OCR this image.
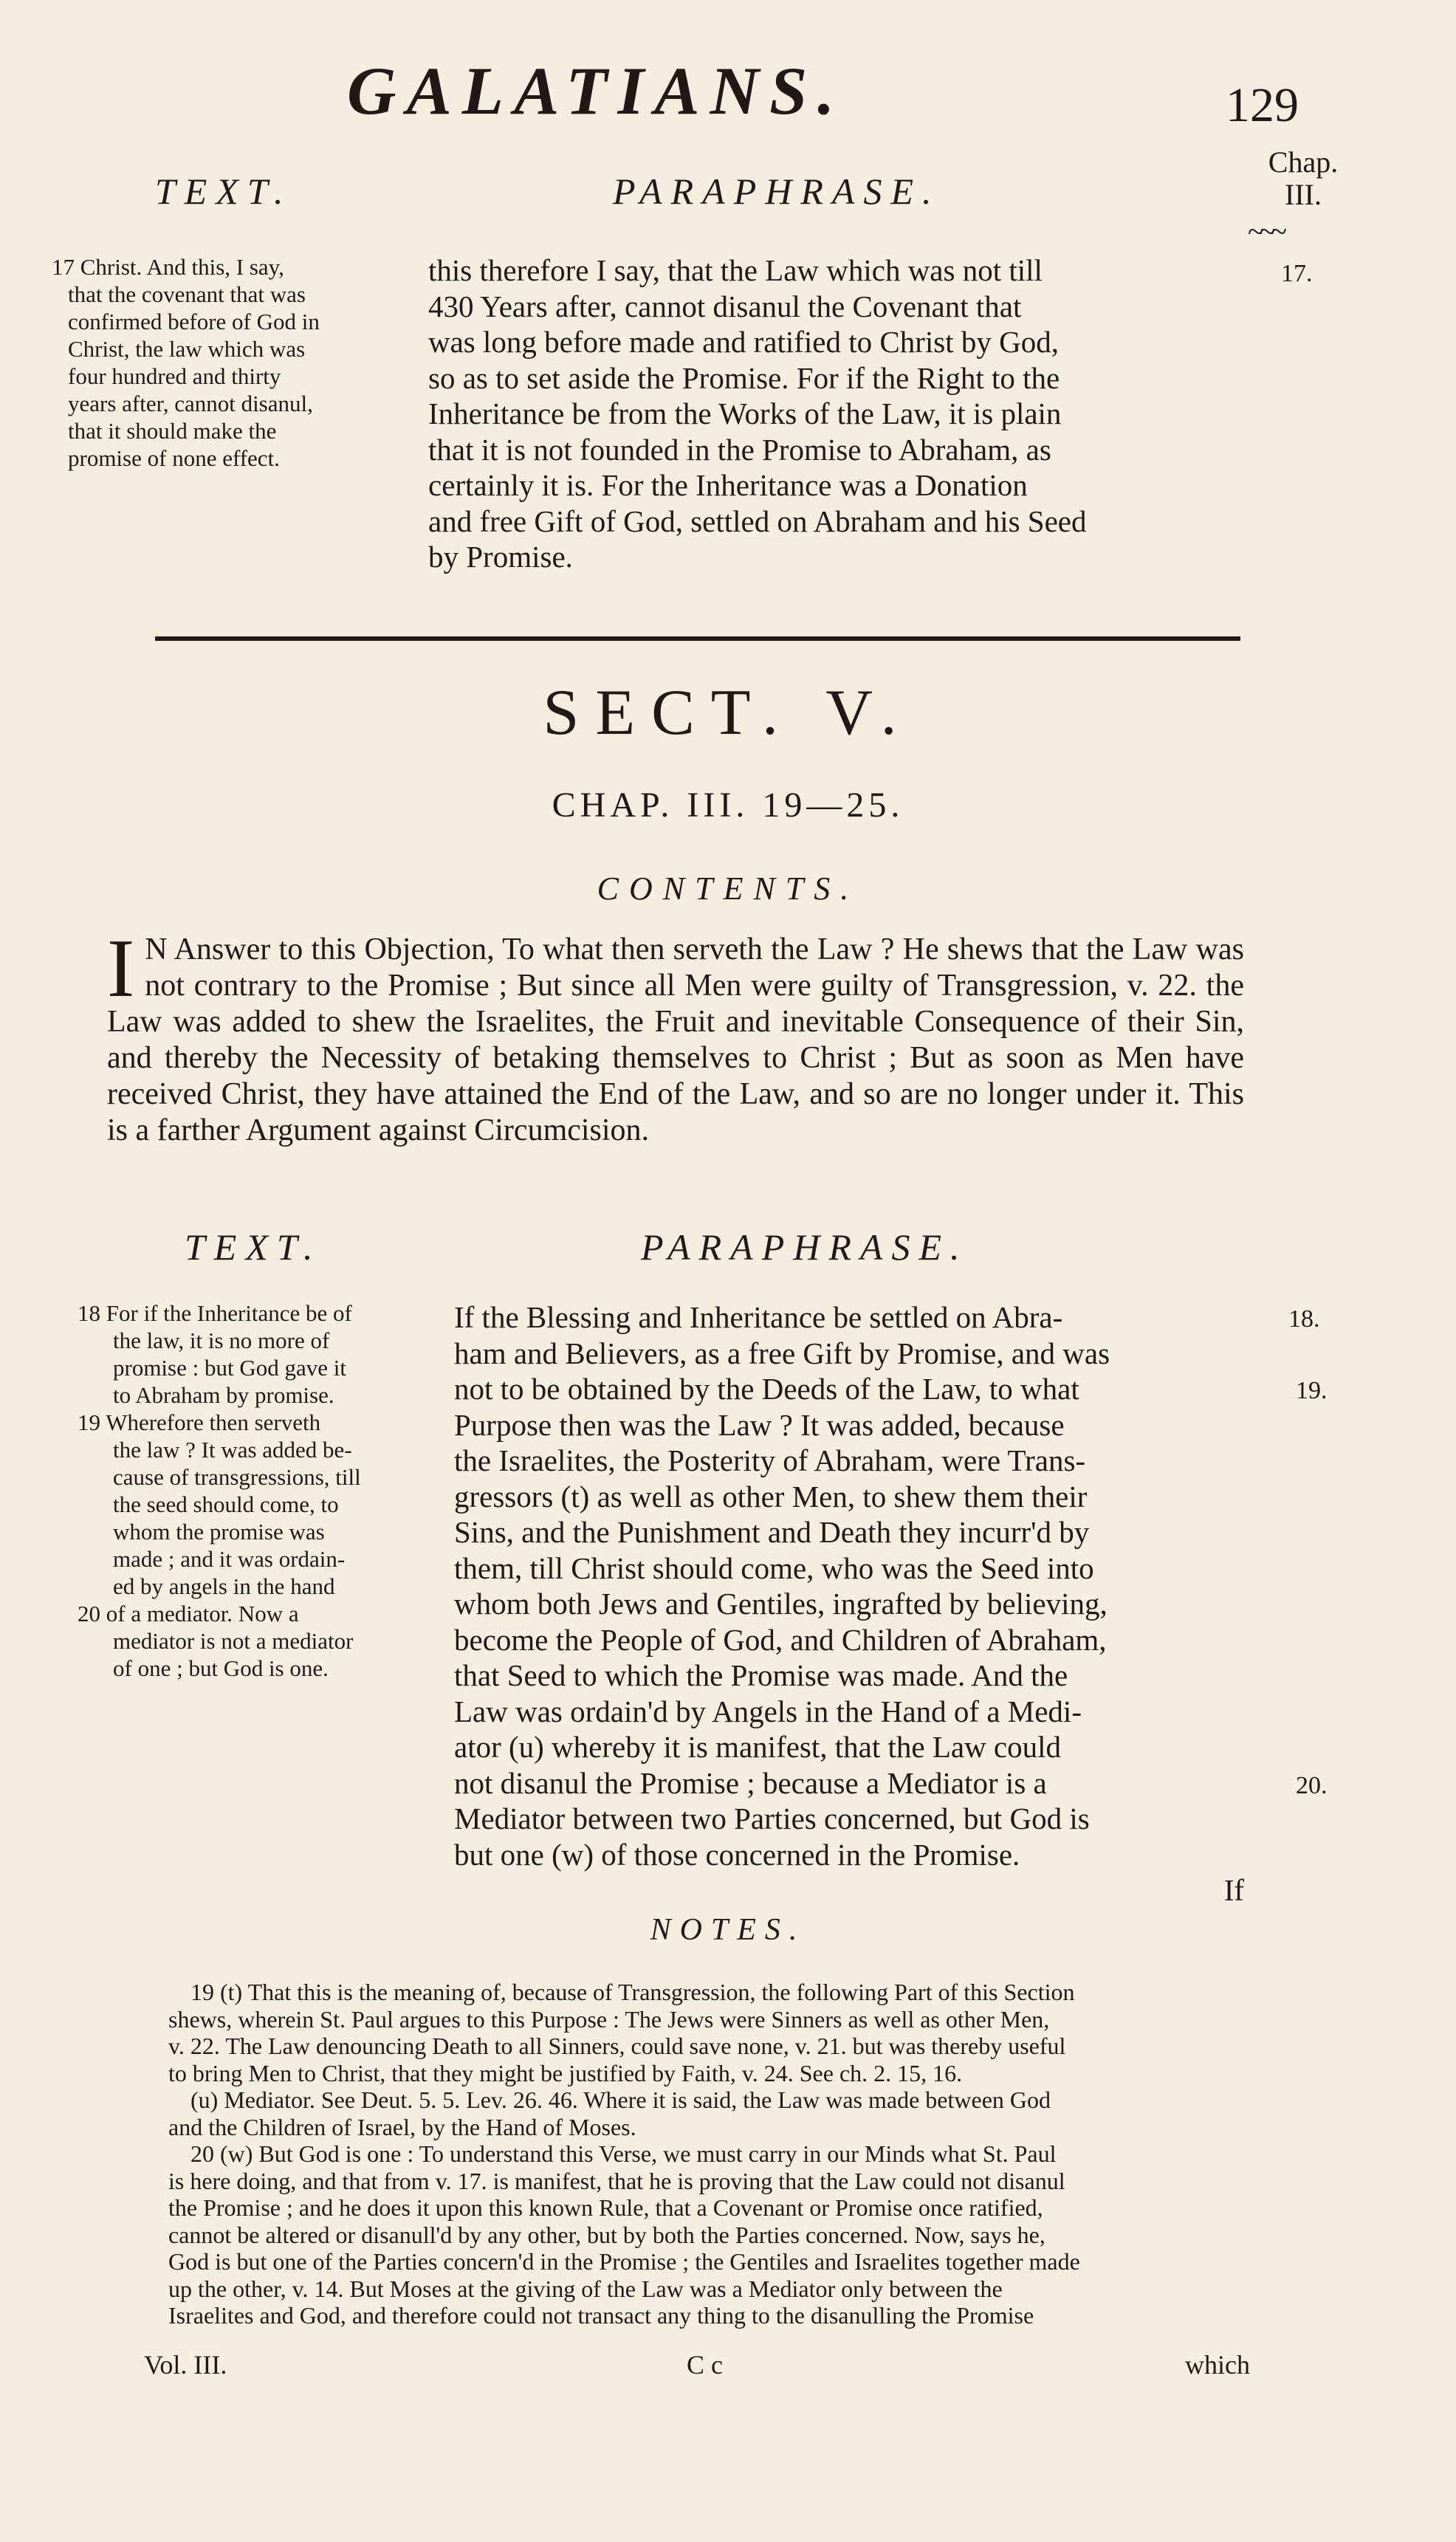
GALATIANS.	129
Chap.
III.
~~~
TEXT.	PARAPHRASE.
17.
17 Christ. And this, I say,
that the covenant that was
confirmed before of God in
Christ, the law which was
four hundred and thirty
years after, cannot disanul,
that it should make the
promise of none effect.
this therefore I say, that the Law which was not till
430 Years after, cannot disanul the Covenant that
was long before made and ratified to Christ by God,
so as to set aside the Promise. For if the Right to the
Inheritance be from the Works of the Law, it is plain
that it is not founded in the Promise to Abraham, as
certainly it is. For the Inheritance was a Donation
and free Gift of God, settled on Abraham and his Seed
by Promise.
SECT. V.
CHAP. III. 19—25.
CONTENTS.
I N Answer to this Objection, To what then serveth the Law ? He shews that the Law was not contrary to the Promise ; But since all Men were guilty of Transgression, v. 22. the Law was added to shew the Israelites, the Fruit and inevitable Consequence of their Sin, and thereby the Necessity of betaking themselves to Christ ; But as soon as Men have received Christ, they have attained the End of the Law, and so are no longer under it. This is a farther Argument against Circumcision.
TEXT.	PARAPHRASE.
18.
19.
20.
18 For if the Inheritance be of
the law, it is no more of
promise : but God gave it
to Abraham by promise.
19 Wherefore then serveth
the law ? It was added be-
cause of transgressions, till
the seed should come, to
whom the promise was
made ; and it was ordain-
ed by angels in the hand
20 of a mediator. Now a
mediator is not a mediator
of one ; but God is one.
If the Blessing and Inheritance be settled on Abra-
ham and Believers, as a free Gift by Promise, and was
not to be obtained by the Deeds of the Law, to what
Purpose then was the Law ? It was added, because
the Israelites, the Posterity of Abraham, were Trans-
gressors (t) as well as other Men, to shew them their
Sins, and the Punishment and Death they incurr'd by
them, till Christ should come, who was the Seed into
whom both Jews and Gentiles, ingrafted by believing,
become the People of God, and Children of Abraham,
that Seed to which the Promise was made. And the
Law was ordain'd by Angels in the Hand of a Medi-
ator (u) whereby it is manifest, that the Law could
not disanul the Promise ; because a Mediator is a
Mediator between two Parties concerned, but God is
but one (w) of those concerned in the Promise.
If
NOTES.

19 (t) That this is the meaning of, because of Transgression, the following Part of this Section

shews, wherein St. Paul argues to this Purpose : The Jews were Sinners as well as other Men,

v. 22. The Law denouncing Death to all Sinners, could save none, v. 21. but was thereby useful

to bring Men to Christ, that they might be justified by Faith, v. 24. See ch. 2. 15, 16.

(u) Mediator. See Deut. 5. 5. Lev. 26. 46. Where it is said, the Law was made between God

and the Children of Israel, by the Hand of Moses.

20 (w) But God is one : To understand this Verse, we must carry in our Minds what St. Paul

is here doing, and that from v. 17. is manifest, that he is proving that the Law could not disanul

the Promise ; and he does it upon this known Rule, that a Covenant or Promise once ratified,

cannot be altered or disanull'd by any other, but by both the Parties concerned. Now, says he,

God is but one of the Parties concern'd in the Promise ; the Gentiles and Israelites together made

up the other, v. 14. But Moses at the giving of the Law was a Mediator only between the

Israelites and God, and therefore could not transact any thing to the disanulling the Promise

Vol. III.	C c	which
